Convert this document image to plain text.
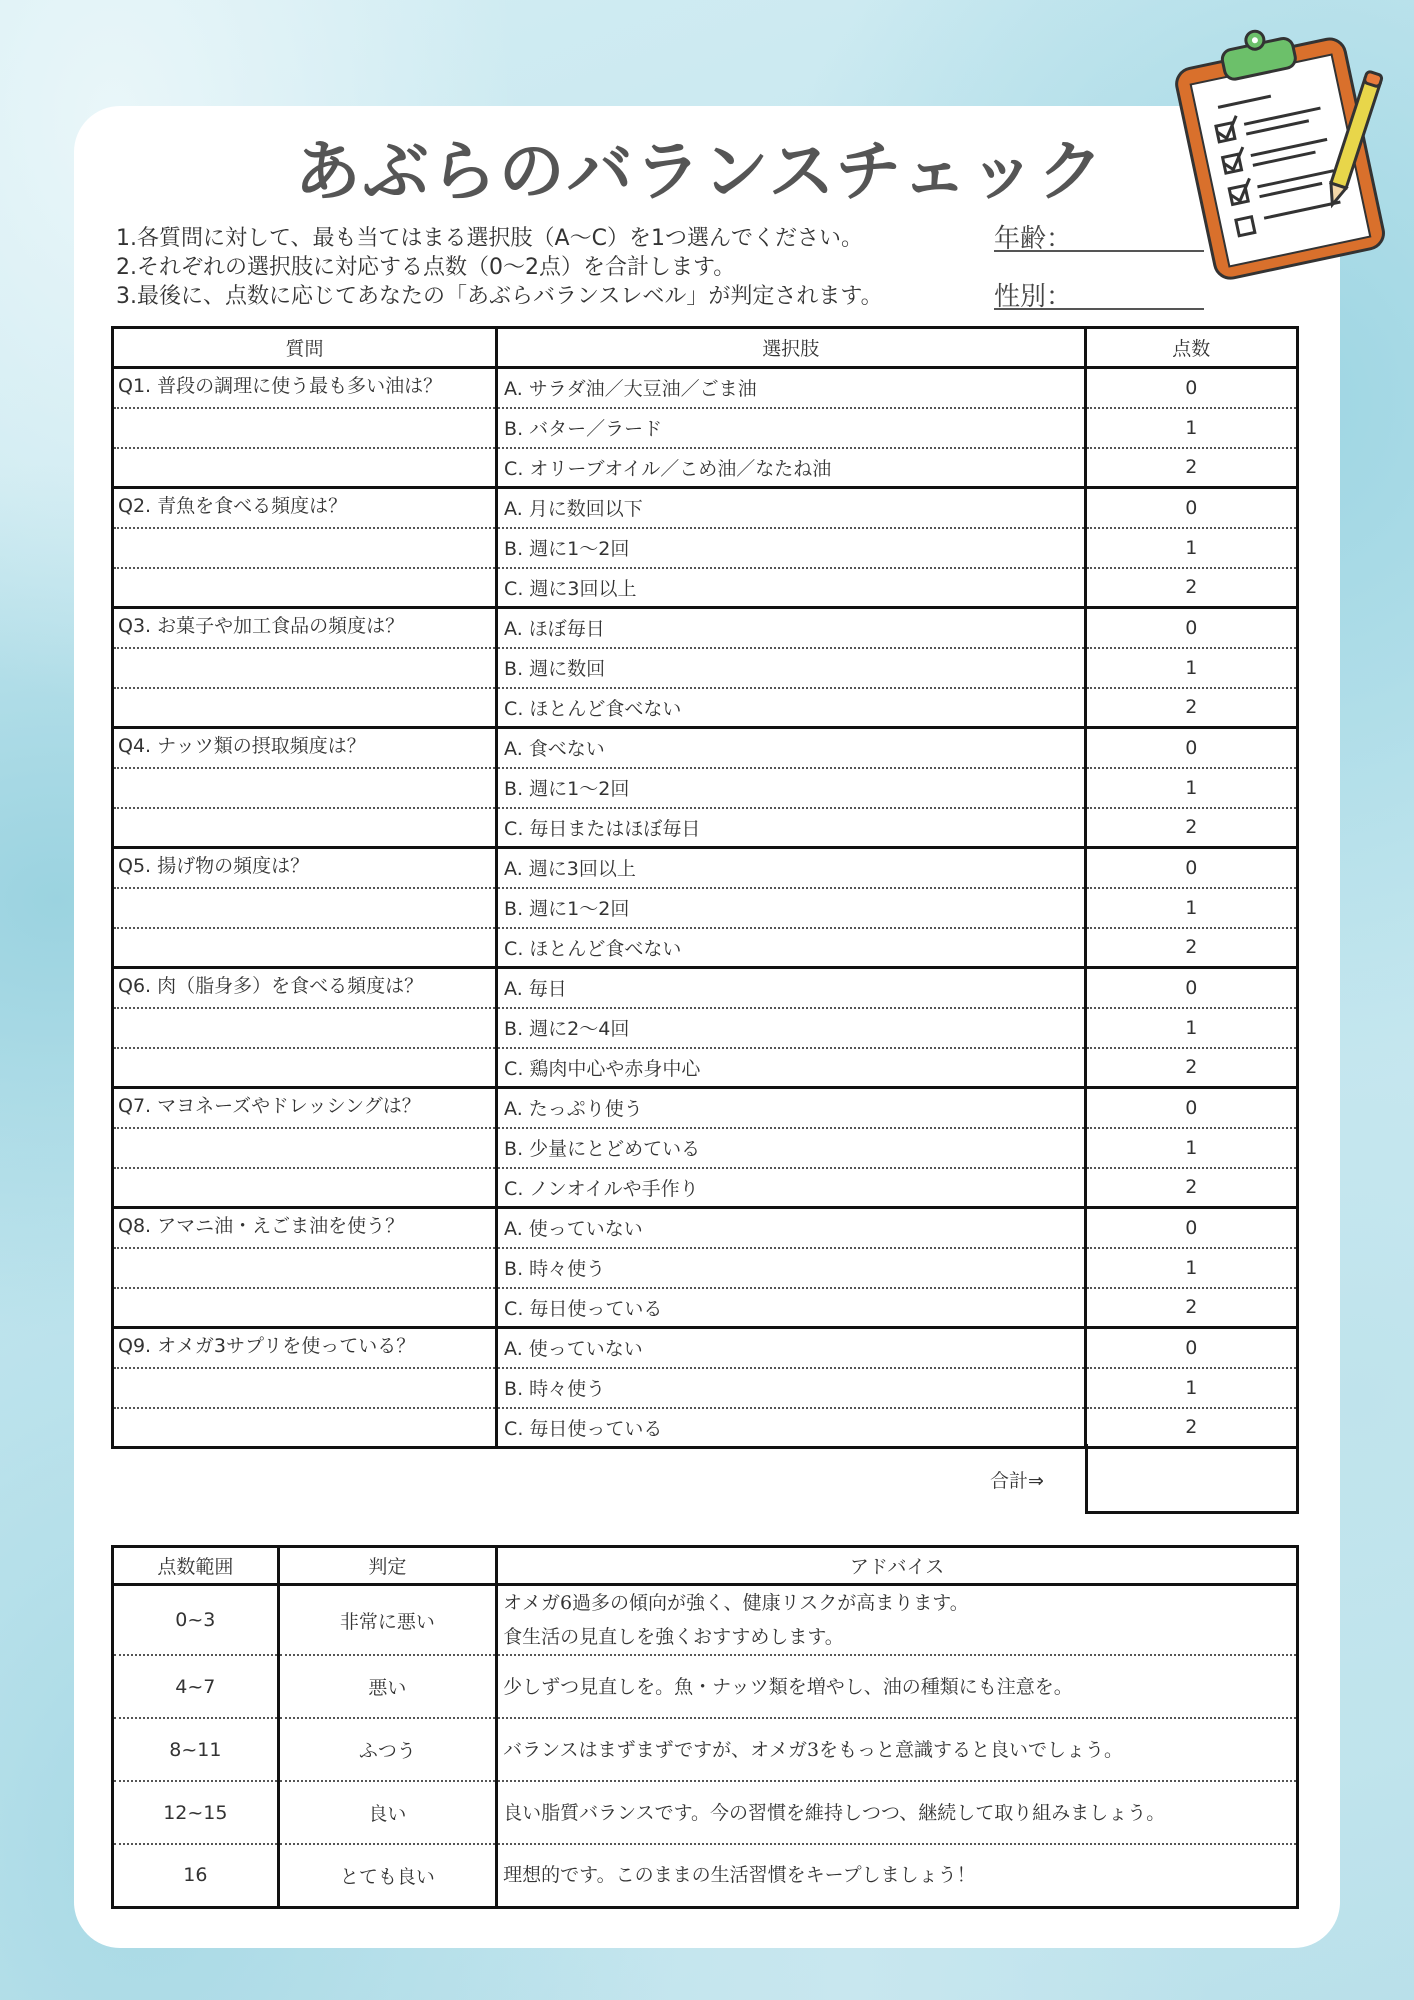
あぶらのバランスチェック
1.各質問に対して、最も当てはまる選択肢（A～C）を1つ選んでください。
2.それぞれの選択肢に対応する点数（0～2点）を合計します。
3.最後に、点数に応じてあなたの「あぶらバランスレベル」が判定されます。
年齢：
性別：
質問	選択肢	点数
Q1. 普段の調理に使う最も多い油は？	A. サラダ油／大豆油／ごま油	0
	B. バター／ラード	1
	C. オリーブオイル／こめ油／なたね油	2
Q2. 青魚を食べる頻度は？	A. 月に数回以下	0
	B. 週に1～2回	1
	C. 週に3回以上	2
Q3. お菓子や加工食品の頻度は？	A. ほぼ毎日	0
	B. 週に数回	1
	C. ほとんど食べない	2
Q4. ナッツ類の摂取頻度は？	A. 食べない	0
	B. 週に1～2回	1
	C. 毎日またはほぼ毎日	2
Q5. 揚げ物の頻度は？	A. 週に3回以上	0
	B. 週に1～2回	1
	C. ほとんど食べない	2
Q6. 肉（脂身多）を食べる頻度は？	A. 毎日	0
	B. 週に2～4回	1
	C. 鶏肉中心や赤身中心	2
Q7. マヨネーズやドレッシングは？	A. たっぷり使う	0
	B. 少量にとどめている	1
	C. ノンオイルや手作り	2
Q8. アマニ油・えごま油を使う？	A. 使っていない	0
	B. 時々使う	1
	C. 毎日使っている	2
Q9. オメガ3サプリを使っている？	A. 使っていない	0
	B. 時々使う	1
	C. 毎日使っている	2
合計⇒
点数範囲	判定	アドバイス
0~3	非常に悪い	オメガ6過多の傾向が強く、健康リスクが高まります。
食生活の見直しを強くおすすめします。

4~7	悪い	少しずつ見直しを。魚・ナッツ類を増やし、油の種類にも注意を。

8~11	ふつう	バランスはまずまずですが、オメガ3をもっと意識すると良いでしょう。

12~15	良い	良い脂質バランスです。今の習慣を維持しつつ、継続して取り組みましょう。

16	とても良い	理想的です。このままの生活習慣をキープしましょう！
